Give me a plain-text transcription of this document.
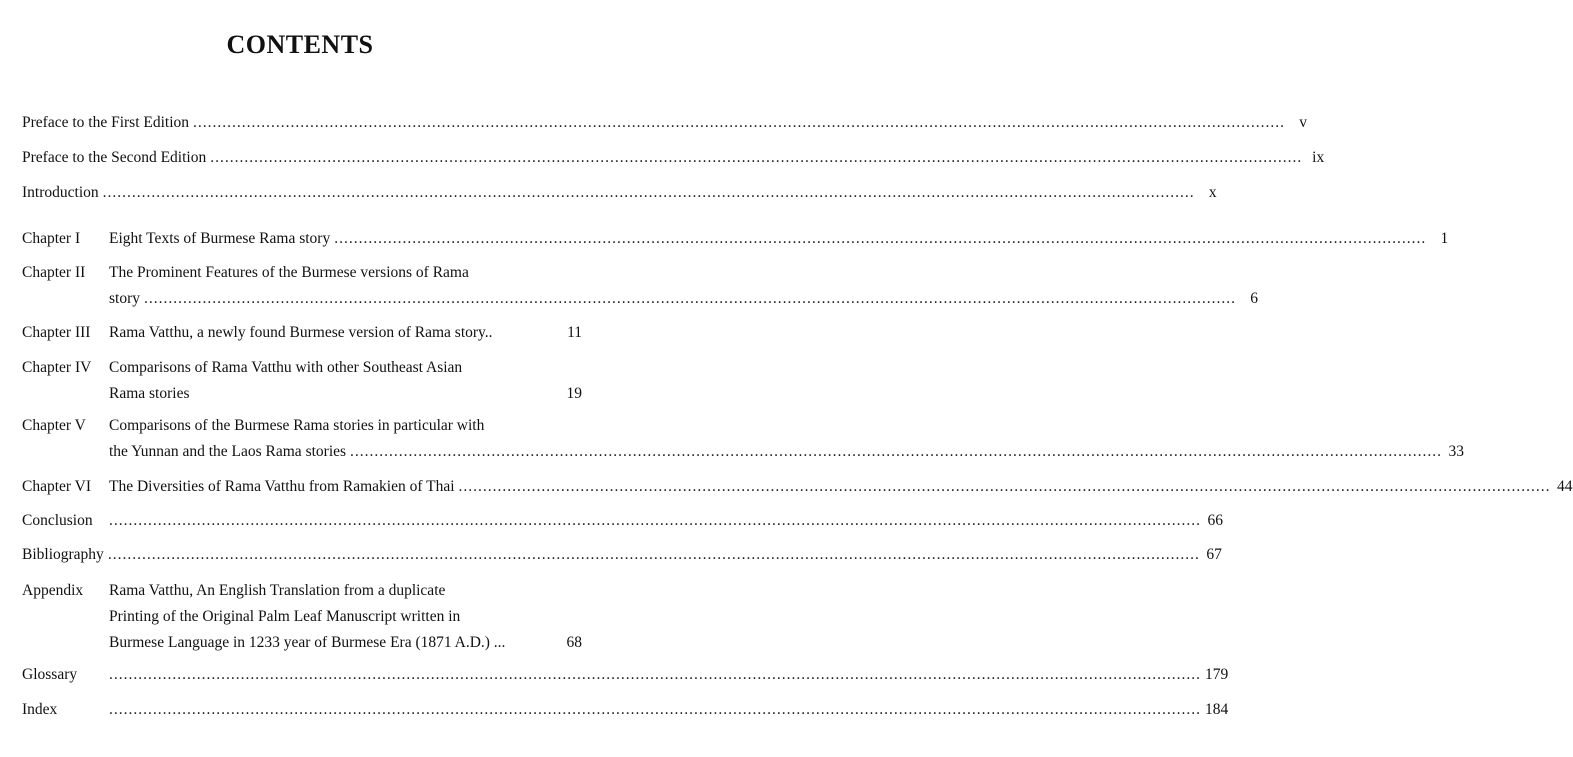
CONTENTS
Preface to the First Edition .....	v
Preface to the Second Edition .....	ix
Introduction .....	x
Chapter I	Eight Texts of Burmese Rama story .....	1
Chapter II	The Prominent Features of the Burmese versions of Rama
story .....	6
Chapter III	Rama Vatthu, a newly found Burmese version of Rama story..	11
Chapter IV	Comparisons of Rama Vatthu with other Southeast Asian
Rama stories	19
Chapter V	Comparisons of the Burmese Rama stories in particular with
the Yunnan and the Laos Rama stories .....	33
Chapter VI	The Diversities of Rama Vatthu from Ramakien of Thai .....	44
Conclusion .....	66
Bibliography .....	67
Appendix	Rama Vatthu, An English Translation from a duplicate
Printing of the Original Palm Leaf Manuscript written in
Burmese Language in 1233 year of Burmese Era (1871 A.D.) ...	68
Glossary .....	179
Index .....	184
